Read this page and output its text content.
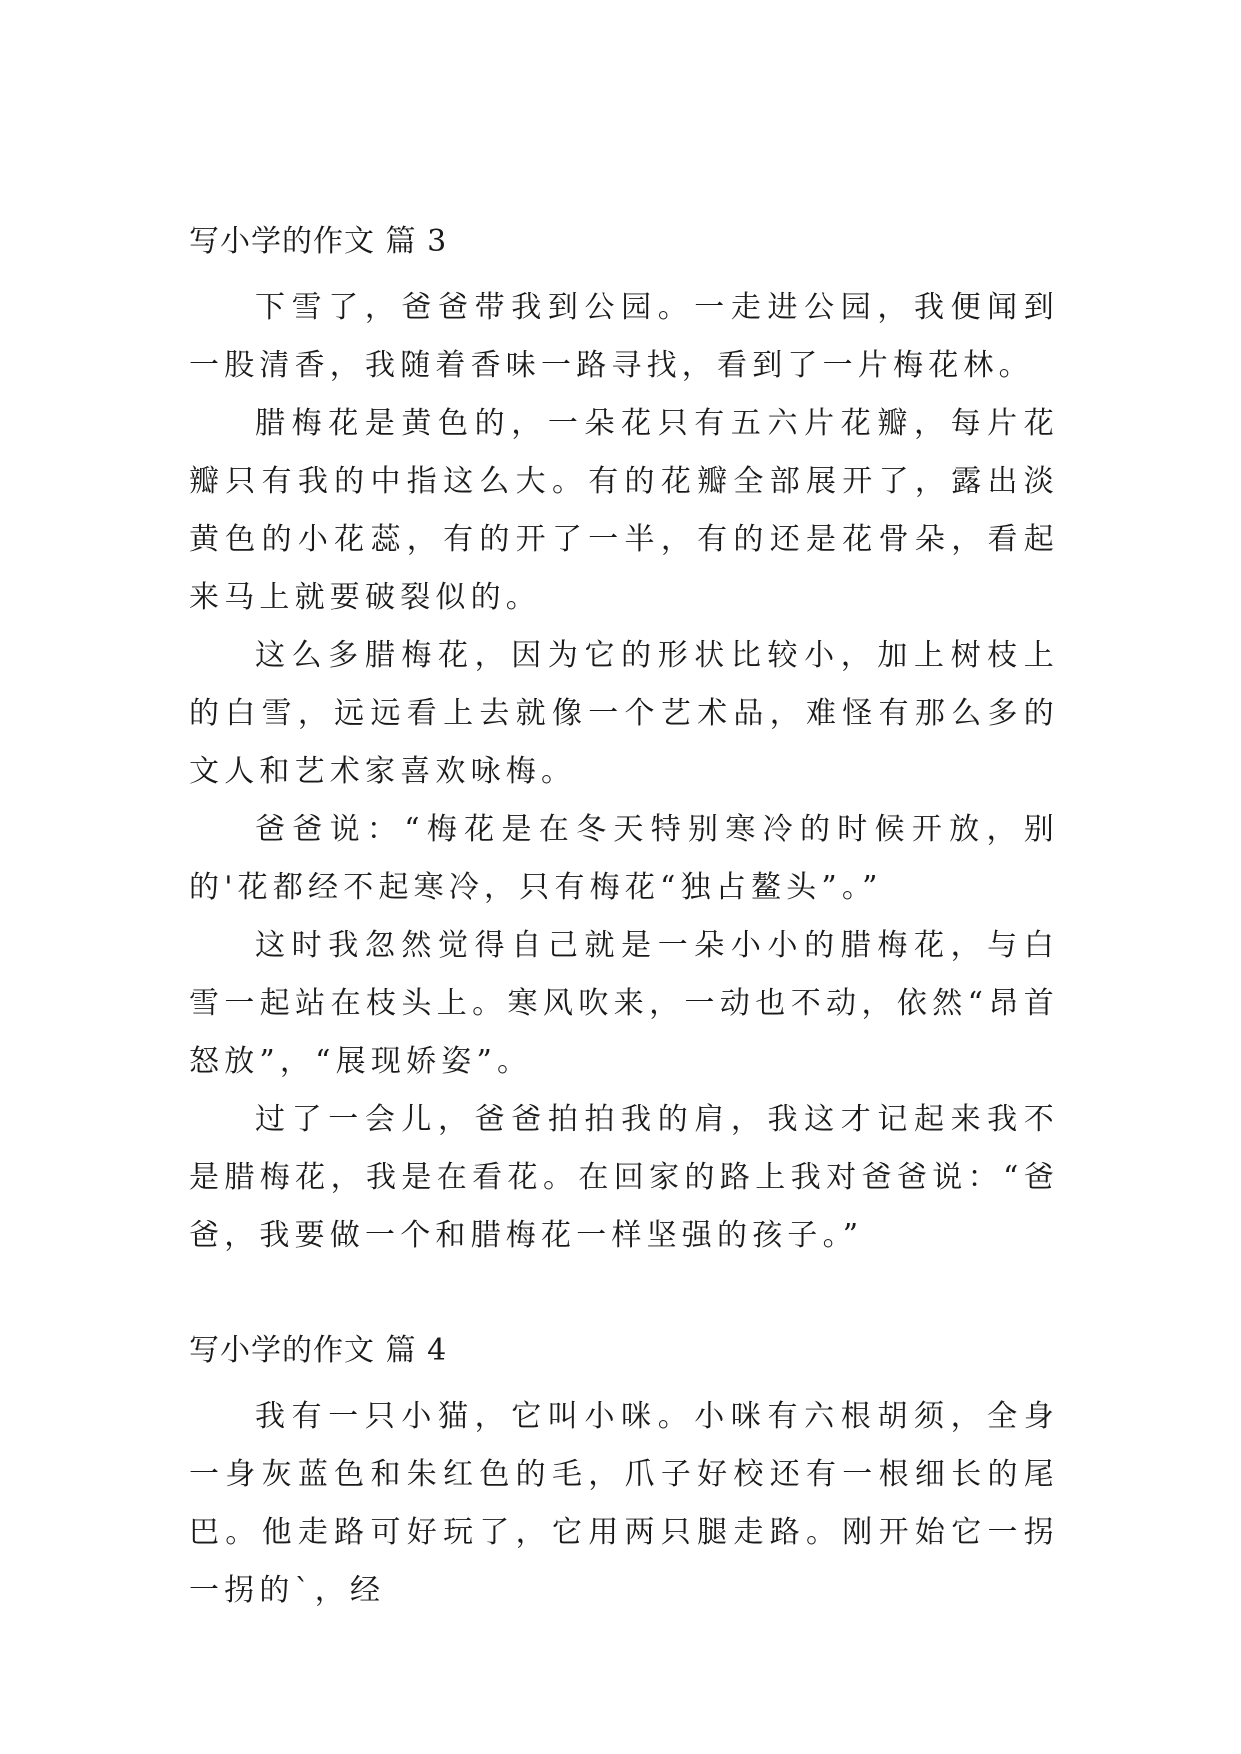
写小学的作文 篇 3

下雪了，爸爸带我到公园。一走进公园，我便闻到一股清香，我随着香味一路寻找，看到了一片梅花林。

腊梅花是黄色的，一朵花只有五六片花瓣，每片花瓣只有我的中指这么大。有的花瓣全部展开了，露出淡黄色的小花蕊，有的开了一半，有的还是花骨朵，看起来马上就要破裂似的。

这么多腊梅花，因为它的形状比较小，加上树枝上的白雪，远远看上去就像一个艺术品，难怪有那么多的文人和艺术家喜欢咏梅。

爸爸说：“梅花是在冬天特别寒冷的时候开放，别的'花都经不起寒冷，只有梅花“独占鳌头”。”

这时我忽然觉得自己就是一朵小小的腊梅花，与白雪一起站在枝头上。寒风吹来，一动也不动，依然“昂首怒放”，“展现娇姿”。

过了一会儿，爸爸拍拍我的肩，我这才记起来我不是腊梅花，我是在看花。在回家的路上我对爸爸说：“爸爸，我要做一个和腊梅花一样坚强的孩子。”

写小学的作文 篇 4

我有一只小猫，它叫小咪。小咪有六根胡须，全身一身灰蓝色和朱红色的毛，爪子好校还有一根细长的尾巴。他走路可好玩了，它用两只腿走路。刚开始它一拐一拐的`，经
